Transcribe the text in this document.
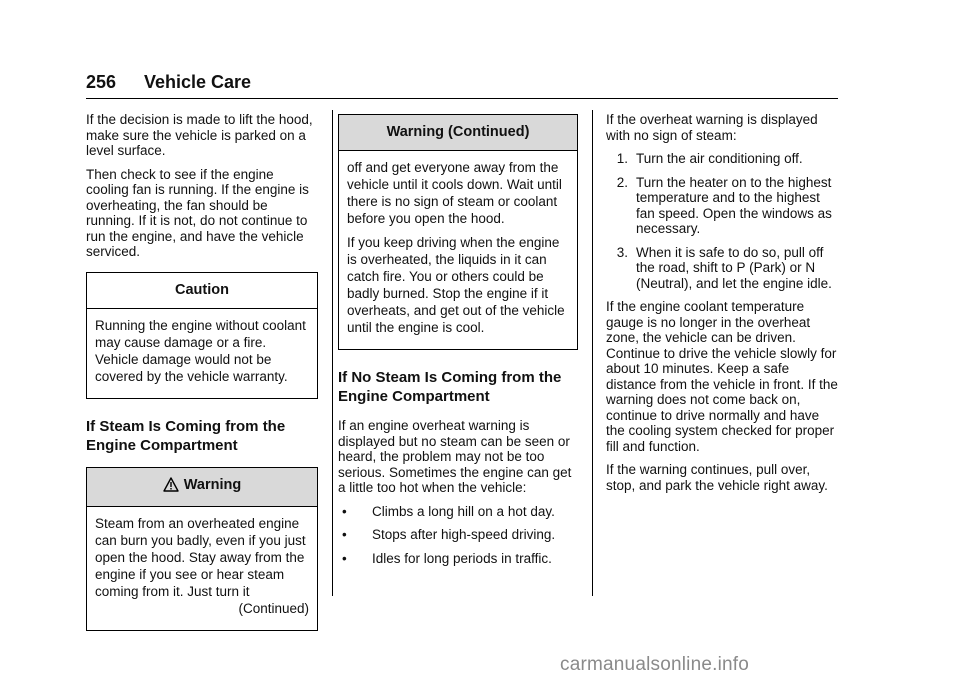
256 Vehicle Care

If the decision is made to lift the hood, make sure the vehicle is parked on a level surface.

Then check to see if the engine cooling fan is running. If the engine is overheating, the fan should be running. If it is not, do not continue to run the engine, and have the vehicle serviced.

Caution

Running the engine without coolant may cause damage or a fire. Vehicle damage would not be covered by the vehicle warranty.

If Steam Is Coming from the Engine Compartment
Warning

Steam from an overheated engine can burn you badly, even if you just open the hood. Stay away from the engine if you see or hear steam coming from it. Just turn it

(Continued)

Warning (Continued)

off and get everyone away from the vehicle until it cools down. Wait until there is no sign of steam or coolant before you open the hood.

If you keep driving when the engine is overheated, the liquids in it can catch fire. You or others could be badly burned. Stop the engine if it overheats, and get out of the vehicle until the engine is cool.

If No Steam Is Coming from the Engine Compartment

If an engine overheat warning is displayed but no steam can be seen or heard, the problem may not be too serious. Sometimes the engine can get a little too hot when the vehicle:

•	Climbs a long hill on a hot day.
•	Stops after high-speed driving.
•	Idles for long periods in traffic.

If the overheat warning is displayed with no sign of steam:

1. Turn the air conditioning off.
2. Turn the heater on to the highest temperature and to the highest fan speed. Open the windows as necessary.
3. When it is safe to do so, pull off the road, shift to P (Park) or N (Neutral), and let the engine idle.

If the engine coolant temperature gauge is no longer in the overheat zone, the vehicle can be driven. Continue to drive the vehicle slowly for about 10 minutes. Keep a safe distance from the vehicle in front. If the warning does not come back on, continue to drive normally and have the cooling system checked for proper fill and function.

If the warning continues, pull over, stop, and park the vehicle right away.

carmanualsonline.info
